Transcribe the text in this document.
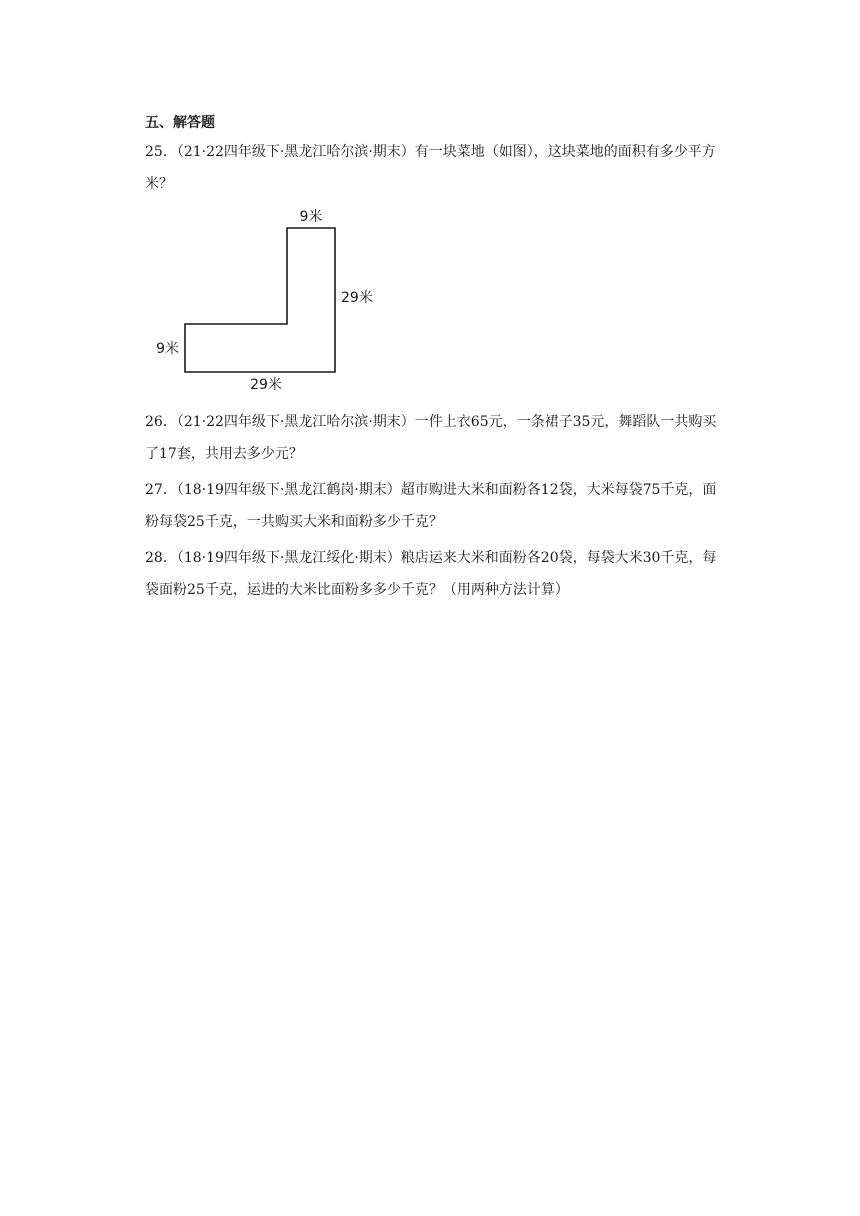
五、解答题
25．（21·22四年级下·黑龙江哈尔滨·期末）有一块菜地（如图），这块菜地的面积有多少平方米？
9米
29米
9米
29米
26．（21·22四年级下·黑龙江哈尔滨·期末）一件上衣65元，一条裙子35元，舞蹈队一共购买了17套，共用去多少元？
27．（18·19四年级下·黑龙江鹤岗·期末）超市购进大米和面粉各12袋，大米每袋75千克，面粉每袋25千克，一共购买大米和面粉多少千克？
28．（18·19四年级下·黑龙江绥化·期末）粮店运来大米和面粉各20袋，每袋大米30千克，每袋面粉25千克，运进的大米比面粉多多少千克？（用两种方法计算）
